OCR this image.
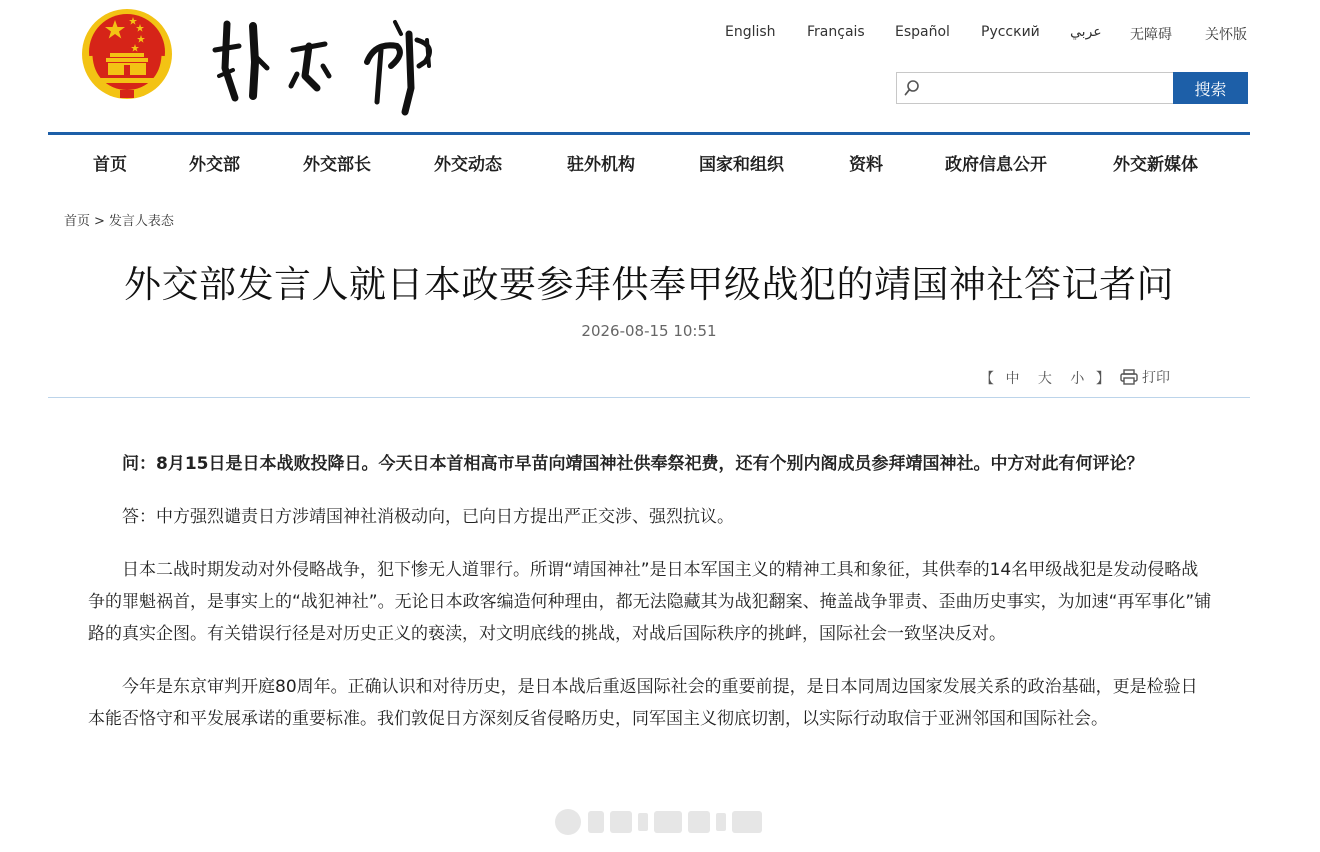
English Français Español Русский عربي 无障碍 关怀版
搜索
首页	外交部	外交部长	外交动态	驻外机构	国家和组织	资料	政府信息公开	外交新媒体
首页 > 发言人表态
外交部发言人就日本政要参拜供奉甲级战犯的靖国神社答记者问
2026-08-15 10:51
【 中 大 小 】	打印

问：8月15日是日本战败投降日。今天日本首相高市早苗向靖国神社供奉祭祀费，还有个别内阁成员参拜靖国神社。中方对此有何评论？

答：中方强烈谴责日方涉靖国神社消极动向，已向日方提出严正交涉、强烈抗议。

日本二战时期发动对外侵略战争，犯下惨无人道罪行。所谓“靖国神社”是日本军国主义的精神工具和象征，其供奉的14名甲级战犯是发动侵略战争的罪魁祸首，是事实上的“战犯神社”。无论日本政客编造何种理由，都无法隐藏其为战犯翻案、掩盖战争罪责、歪曲历史事实，为加速“再军事化”铺路的真实企图。有关错误行径是对历史正义的亵渎，对文明底线的挑战，对战后国际秩序的挑衅，国际社会一致坚决反对。

今年是东京审判开庭80周年。正确认识和对待历史，是日本战后重返国际社会的重要前提，是日本同周边国家发展关系的政治基础，更是检验日本能否恪守和平发展承诺的重要标准。我们敦促日方深刻反省侵略历史，同军国主义彻底切割，以实际行动取信于亚洲邻国和国际社会。
